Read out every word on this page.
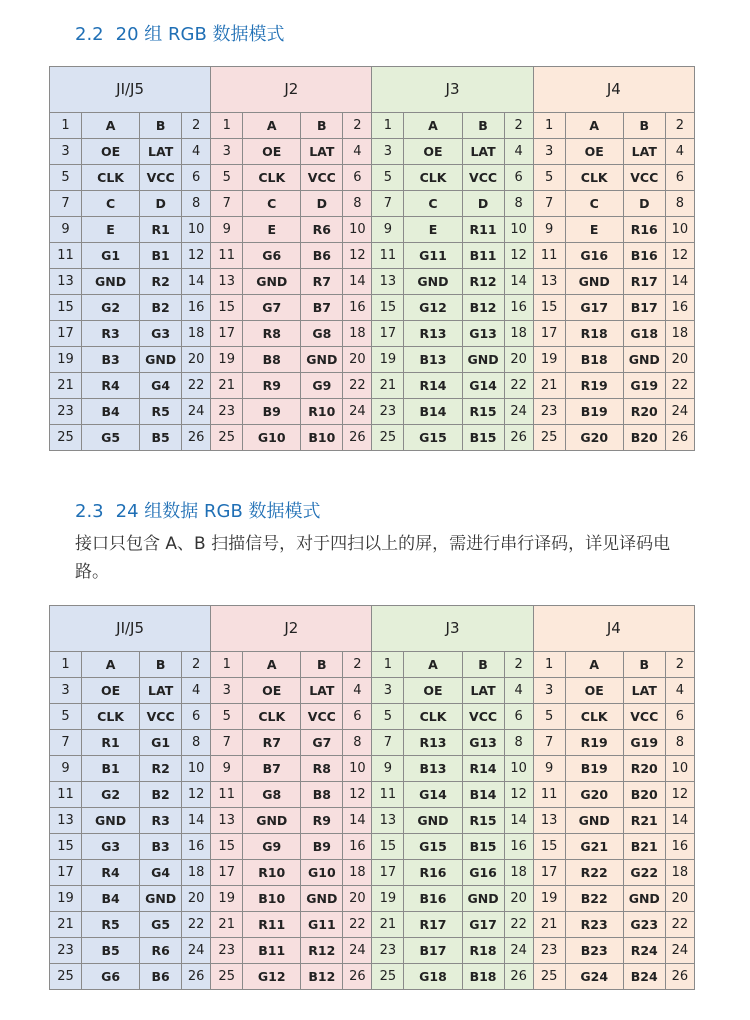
2.2 20 组 RGB 数据模式
JI/J5				J2				J3				J4			
1	A	B	2	1	A	B	2	1	A	B	2	1	A	B	2
3	OE	LAT	4	3	OE	LAT	4	3	OE	LAT	4	3	OE	LAT	4
5	CLK	VCC	6	5	CLK	VCC	6	5	CLK	VCC	6	5	CLK	VCC	6
7	C	D	8	7	C	D	8	7	C	D	8	7	C	D	8
9	E	R1	10	9	E	R6	10	9	E	R11	10	9	E	R16	10
11	G1	B1	12	11	G6	B6	12	11	G11	B11	12	11	G16	B16	12
13	GND	R2	14	13	GND	R7	14	13	GND	R12	14	13	GND	R17	14
15	G2	B2	16	15	G7	B7	16	15	G12	B12	16	15	G17	B17	16
17	R3	G3	18	17	R8	G8	18	17	R13	G13	18	17	R18	G18	18
19	B3	GND	20	19	B8	GND	20	19	B13	GND	20	19	B18	GND	20
21	R4	G4	22	21	R9	G9	22	21	R14	G14	22	21	R19	G19	22
23	B4	R5	24	23	B9	R10	24	23	B14	R15	24	23	B19	R20	24
25	G5	B5	26	25	G10	B10	26	25	G15	B15	26	25	G20	B20	26
2.3 24 组数据 RGB 数据模式
接口只包含 A、B 扫描信号，对于四扫以上的屏，需进行串行译码，详见译码电路。
JI/J5				J2				J3				J4			
1	A	B	2	1	A	B	2	1	A	B	2	1	A	B	2
3	OE	LAT	4	3	OE	LAT	4	3	OE	LAT	4	3	OE	LAT	4
5	CLK	VCC	6	5	CLK	VCC	6	5	CLK	VCC	6	5	CLK	VCC	6
7	R1	G1	8	7	R7	G7	8	7	R13	G13	8	7	R19	G19	8
9	B1	R2	10	9	B7	R8	10	9	B13	R14	10	9	B19	R20	10
11	G2	B2	12	11	G8	B8	12	11	G14	B14	12	11	G20	B20	12
13	GND	R3	14	13	GND	R9	14	13	GND	R15	14	13	GND	R21	14
15	G3	B3	16	15	G9	B9	16	15	G15	B15	16	15	G21	B21	16
17	R4	G4	18	17	R10	G10	18	17	R16	G16	18	17	R22	G22	18
19	B4	GND	20	19	B10	GND	20	19	B16	GND	20	19	B22	GND	20
21	R5	G5	22	21	R11	G11	22	21	R17	G17	22	21	R23	G23	22
23	B5	R6	24	23	B11	R12	24	23	B17	R18	24	23	B23	R24	24
25	G6	B6	26	25	G12	B12	26	25	G18	B18	26	25	G24	B24	26
